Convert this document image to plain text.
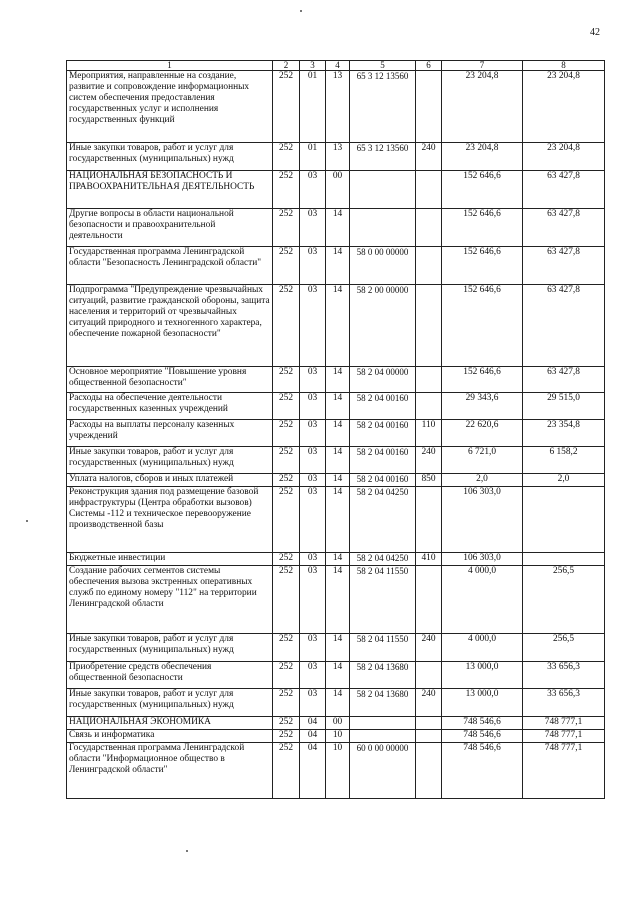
42
1	2	3	4	5	6	7	8
Мероприятия, направленные на создание, развитие и сопровождение информационных систем обеспечения предоставления государственных услуг и исполнения государственных функций	252	01	13	65 3 12 13560		23 204,8	23 204,8
Иные закупки товаров, работ и услуг для государственных (муниципальных) нужд	252	01	13	65 3 12 13560	240	23 204,8	23 204,8
НАЦИОНАЛЬНАЯ БЕЗОПАСНОСТЬ И ПРАВООХРАНИТЕЛЬНАЯ ДЕЯТЕЛЬНОСТЬ	252	03	00			152 646,6	63 427,8
Другие вопросы в области национальной безопасности и правоохранительной деятельности	252	03	14			152 646,6	63 427,8
Государственная программа Ленинградской области "Безопасность Ленинградской области"	252	03	14	58 0 00 00000		152 646,6	63 427,8
Подпрограмма "Предупреждение чрезвычайных ситуаций, развитие гражданской обороны, защита населения и территорий от чрезвычайных ситуаций природного и техногенного характера, обеспечение пожарной безопасности"	252	03	14	58 2 00 00000		152 646,6	63 427,8
Основное мероприятие "Повышение уровня общественной безопасности"	252	03	14	58 2 04 00000		152 646,6	63 427,8
Расходы на обеспечение деятельности государственных казенных учреждений	252	03	14	58 2 04 00160		29 343,6	29 515,0
Расходы на выплаты персоналу казенных учреждений	252	03	14	58 2 04 00160	110	22 620,6	23 354,8
Иные закупки товаров, работ и услуг для государственных (муниципальных) нужд	252	03	14	58 2 04 00160	240	6 721,0	6 158,2
Уплата налогов, сборов и иных платежей	252	03	14	58 2 04 00160	850	2,0	2,0
Реконструкция здания под размещение базовой инфраструктуры (Центра обработки вызовов) Системы -112 и техническое перевооружение производственной базы	252	03	14	58 2 04 04250		106 303,0	
Бюджетные инвестиции	252	03	14	58 2 04 04250	410	106 303,0	
Создание рабочих сегментов системы обеспечения вызова экстренных оперативных служб по единому номеру "112" на территории Ленинградской области	252	03	14	58 2 04 11550		4 000,0	256,5
Иные закупки товаров, работ и услуг для государственных (муниципальных) нужд	252	03	14	58 2 04 11550	240	4 000,0	256,5
Приобретение средств обеспечения общественной безопасности	252	03	14	58 2 04 13680		13 000,0	33 656,3
Иные закупки товаров, работ и услуг для государственных (муниципальных) нужд	252	03	14	58 2 04 13680	240	13 000,0	33 656,3
НАЦИОНАЛЬНАЯ ЭКОНОМИКА	252	04	00			748 546,6	748 777,1
Связь и информатика	252	04	10			748 546,6	748 777,1
Государственная программа Ленинградской области "Информационное общество в Ленинградской области"	252	04	10	60 0 00 00000		748 546,6	748 777,1
